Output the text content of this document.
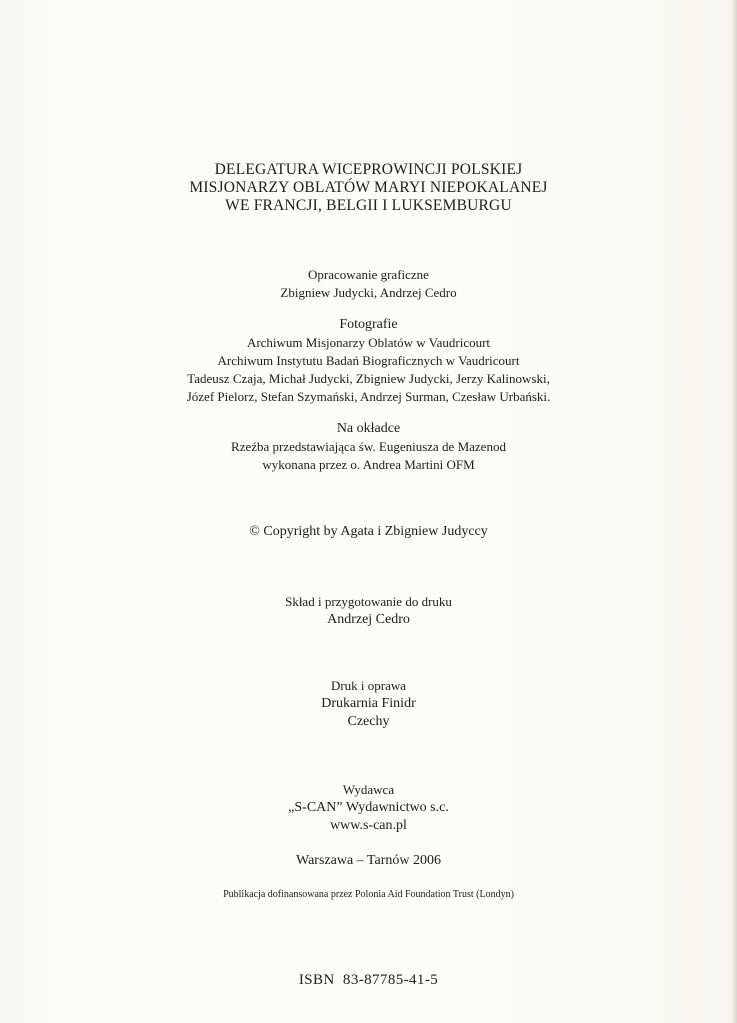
DELEGATURA WICEPROWINCJI POLSKIEJ
MISJONARZY OBLATÓW MARYI NIEPOKALANEJ
WE FRANCJI, BELGII I LUKSEMBURGU
Opracowanie graficzne
Zbigniew Judycki, Andrzej Cedro
Fotografie
Archiwum Misjonarzy Oblatów w Vaudricourt
Archiwum Instytutu Badań Biograficznych w Vaudricourt
Tadeusz Czaja, Michał Judycki, Zbigniew Judycki, Jerzy Kalinowski,
Józef Pielorz, Stefan Szymański, Andrzej Surman, Czesław Urbański.
Na okładce
Rzeźba przedstawiająca św. Eugeniusza de Mazenod
wykonana przez o. Andrea Martini OFM
© Copyright by Agata i Zbigniew Judyccy
Skład i przygotowanie do druku
Andrzej Cedro
Druk i oprawa
Drukarnia Finidr
Czechy
Wydawca
„S-CAN” Wydawnictwo s.c.
www.s-can.pl
Warszawa – Tarnów 2006
Publikacja dofinansowana przez Polonia Aid Foundation Trust (Londyn)
ISBN  83-87785-41-5
